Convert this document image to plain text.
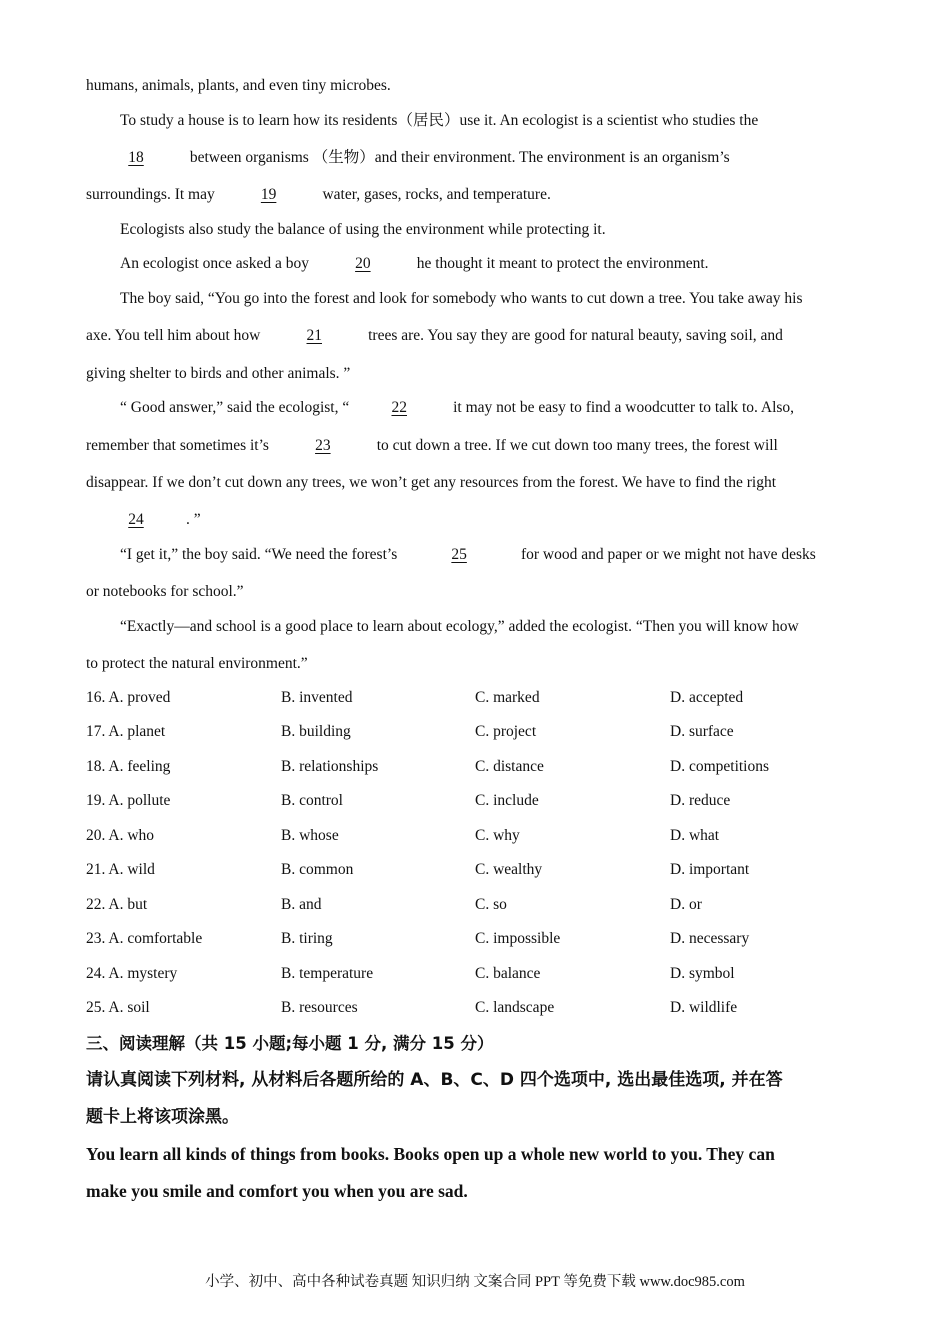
humans, animals, plants, and even tiny microbes.
To study a house is to learn how its residents（居民）use it. An ecologist is a scientist who studies the
18	between organisms （生物）and their environment. The environment is an organism’s
surroundings. It may	19	water, gases, rocks, and temperature.
Ecologists also study the balance of using the environment while protecting it.
An ecologist once asked a boy	20	he thought it meant to protect the environment.
The boy said, “You go into the forest and look for somebody who wants to cut down a tree. You take away his
axe. You tell him about how	21	trees are. You say they are good for natural beauty, saving soil, and
giving shelter to birds and other animals. ”
“ Good answer,” said the ecologist, “	22	it may not be easy to find a woodcutter to talk to. Also,
remember that sometimes it’s	23	to cut down a tree. If we cut down too many trees, the forest will
disappear. If we don’t cut down any trees, we won’t get any resources from the forest. We have to find the right
24	. ”
“I get it,” the boy said. “We need the forest’s	25	for wood and paper or we might not have desks
or notebooks for school.”
“Exactly—and school is a good place to learn about ecology,” added the ecologist. “Then you will know how
to protect the natural environment.”
16. A. proved	B. invented	C. marked	D. accepted
17. A. planet	B. building	C. project	D. surface
18. A. feeling	B. relationships	C. distance	D. competitions
19. A. pollute	B. control	C. include	D. reduce
20. A. who	B. whose	C. why	D. what
21. A. wild	B. common	C. wealthy	D. important
22. A. but	B. and	C. so	D. or
23. A. comfortable	B. tiring	C. impossible	D. necessary
24. A. mystery	B. temperature	C. balance	D. symbol
25. A. soil	B. resources	C. landscape	D. wildlife
三、阅读理解（共 15 小题;每小题 1 分, 满分 15 分）
请认真阅读下列材料, 从材料后各题所给的 A、B、C、D 四个选项中, 选出最佳选项, 并在答
题卡上将该项涂黑。
You learn all kinds of things from books. Books open up a whole new world to you. They can
make you smile and comfort you when you are sad.
小学、初中、高中各种试卷真题 知识归纳 文案合同 PPT 等免费下载 www.doc985.com
